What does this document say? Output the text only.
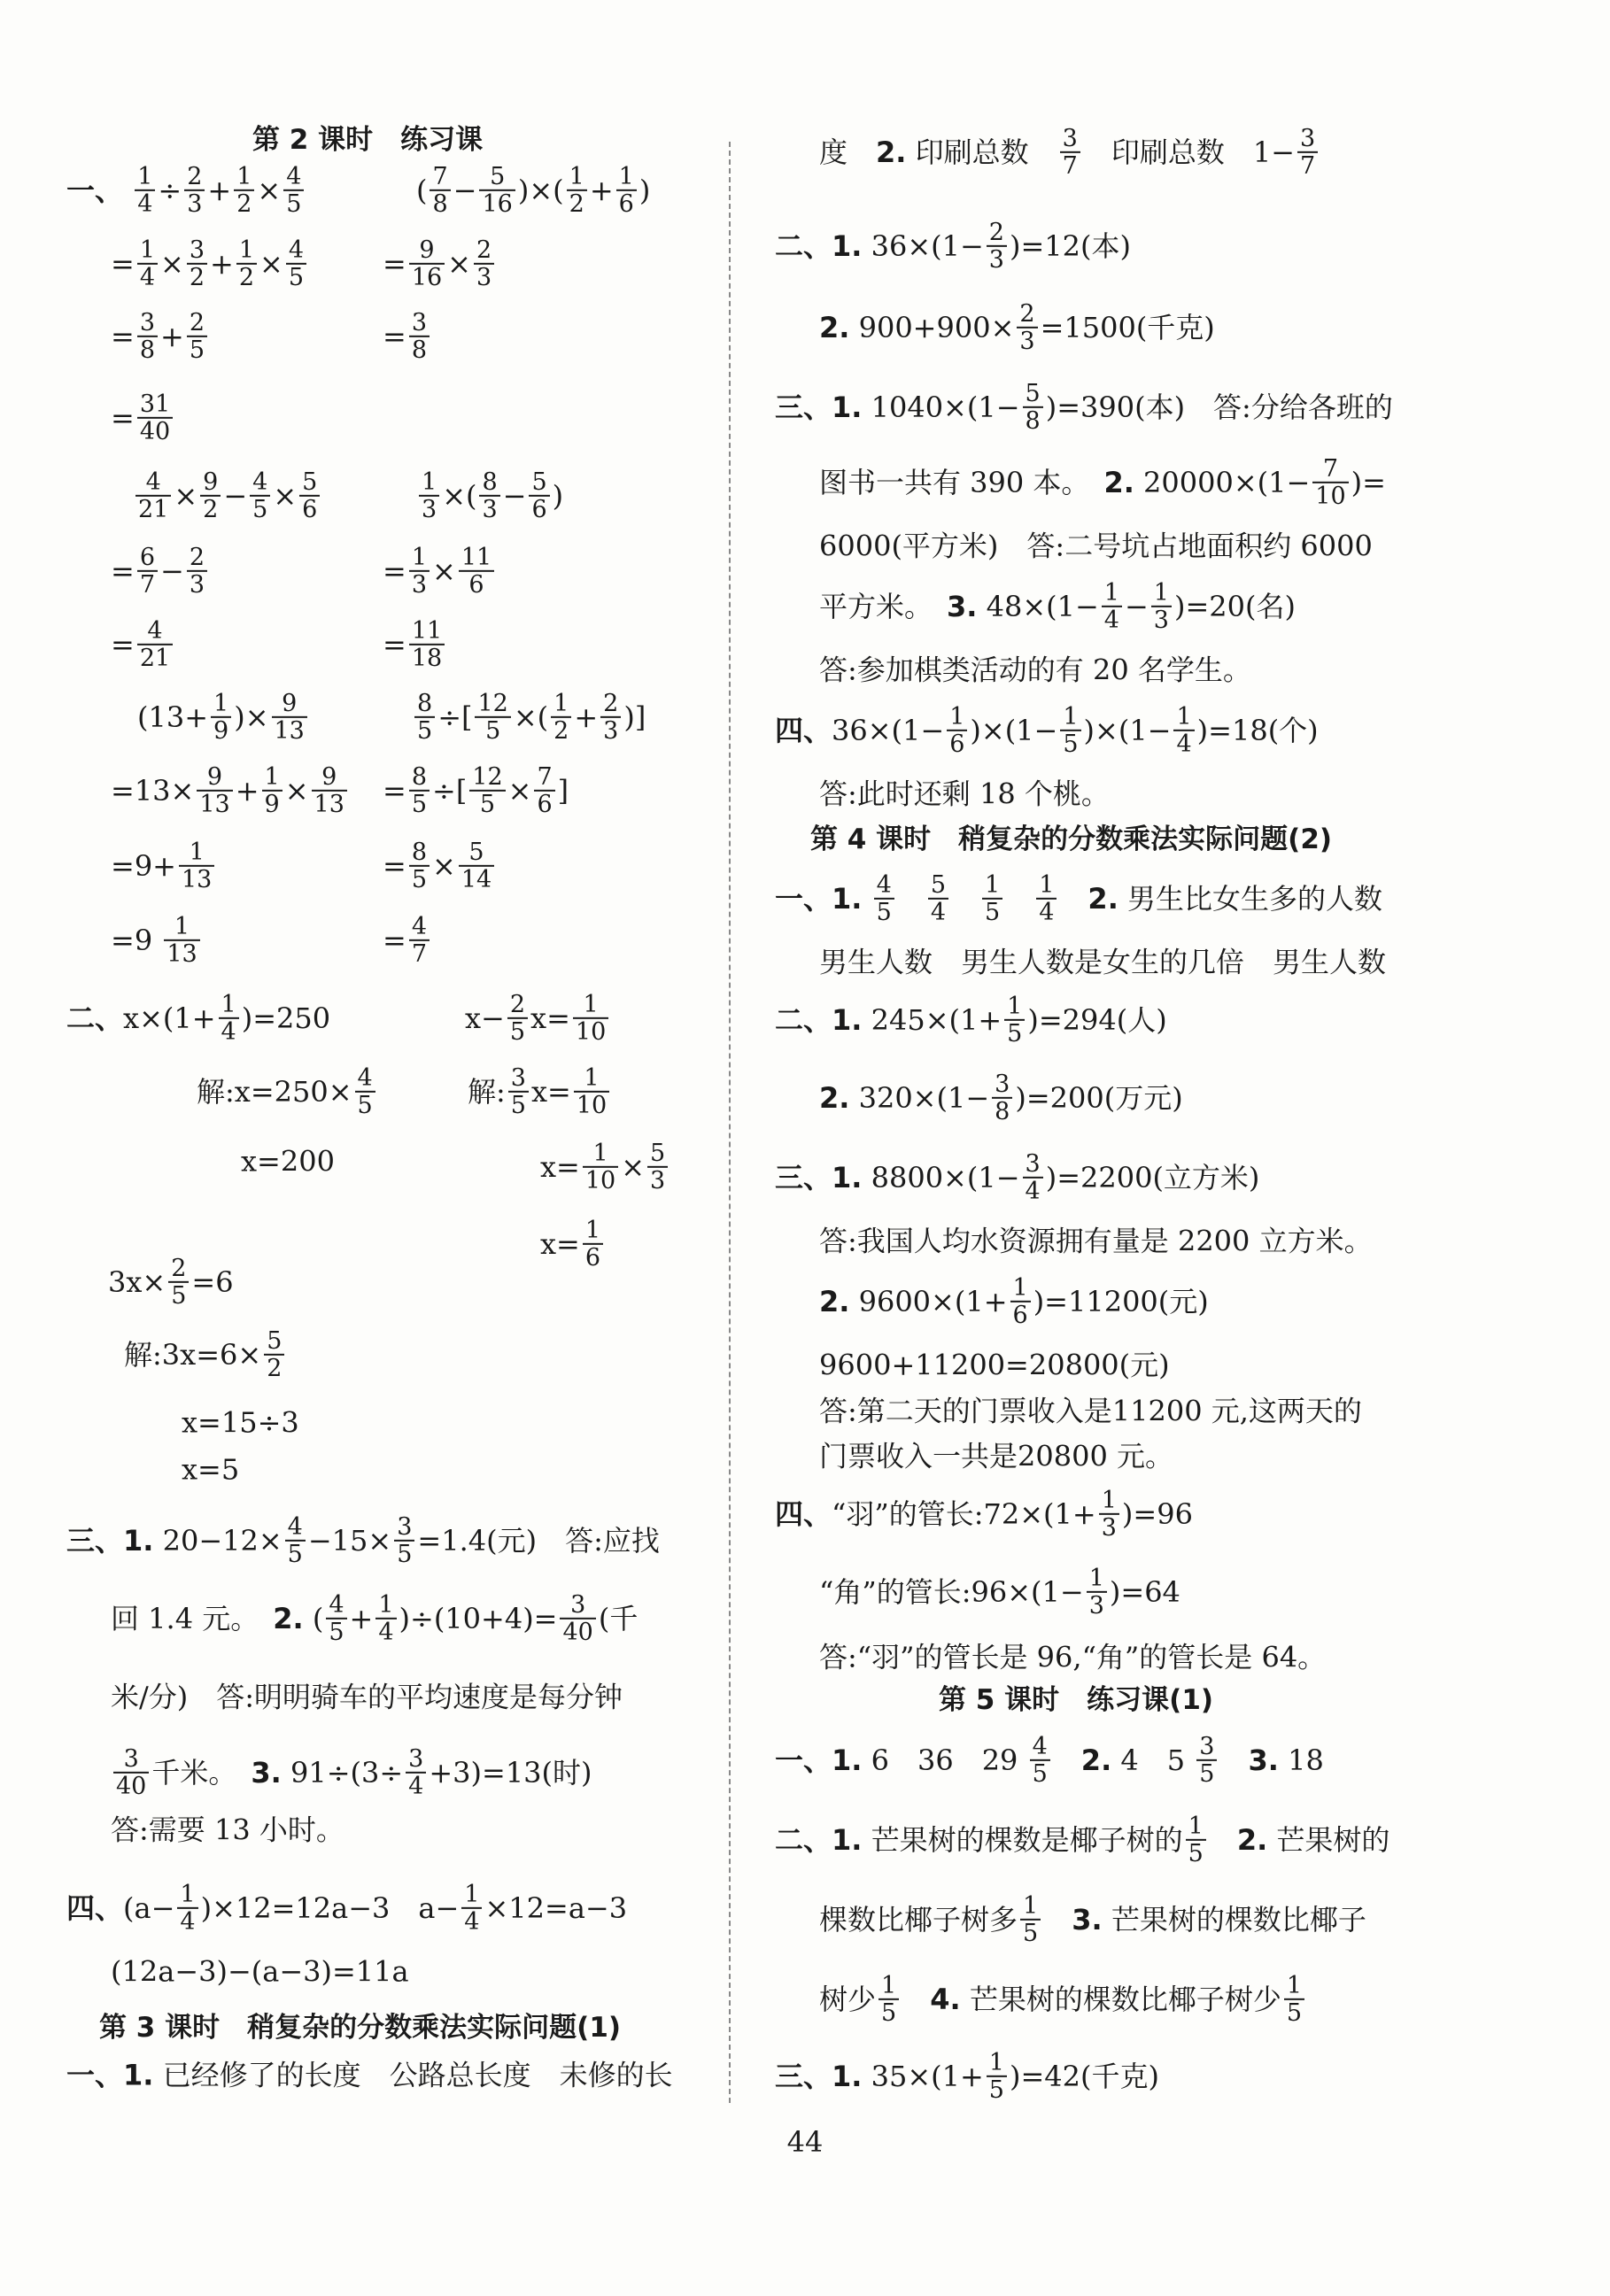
第 2 课时　练习课
一、 $\frac{1}{4} \div \frac{2}{3} + \frac{1}{2} \times \frac{4}{5}$	( $\frac{7}{8} - \frac{5}{16}$ )×( $\frac{1}{2} + \frac{1}{6}$ )
= $\frac{1}{4} \times \frac{3}{2} + \frac{1}{2} \times \frac{4}{5}$	= $\frac{9}{16} \times \frac{2}{3}$
= $\frac{3}{8} + \frac{2}{5}$	= $\frac{3}{8}$
= $\frac{31}{40}$
$\frac{4}{21} \times \frac{9}{2} - \frac{4}{5} \times \frac{5}{6}$	$\frac{1}{3}$ ×( $\frac{8}{3} - \frac{5}{6}$ )
= $\frac{6}{7} - \frac{2}{3}$	= $\frac{1}{3} \times \frac{11}{6}$
= $\frac{4}{21}$	= $\frac{11}{18}$
($13+ \frac{1}{9}$ )× $\frac{9}{13}$	$\frac{8}{5}$ ÷[ $\frac{12}{5}$ ×( $\frac{1}{2} + \frac{2}{3}$ )]
$=13\times \frac{9}{13} + \frac{1}{9} \times \frac{9}{13} = \frac{8}{5}$ ÷[ $\frac{12}{5} \times \frac{7}{6}$ ]
$=9+ \frac{1}{13}$	= $\frac{8}{5} \times \frac{5}{14}$
$=9 \frac{1}{13}$	= $\frac{4}{7}$
二、$x\times(1+ \frac{1}{4} )=250$	$x- \frac{2}{5} x= \frac{1}{10}$
解:x=250× $\frac{4}{5}$	解: $\frac{3}{5} x= \frac{1}{10}$
x=200	$x= \frac{1}{10} \times \frac{5}{3}$
$x= \frac{1}{6}$
$3x\times \frac{2}{5} =6$
解:3x=6× $\frac{5}{2}$
x=15÷3
x=5
三、1. $20-12\times \frac{4}{5} -15\times \frac{3}{5} =1.4$(元)　答:应找
回 1.4 元。　2. ( $\frac{4}{5} + \frac{1}{4} )\div(10+4)= \frac{3}{40}$ (千
米/分)　答:明明骑车的平均速度是每分钟
$\frac{3}{40}$ 千米。　3. $91\div(3\div \frac{3}{4} +3)=13$(时)
答:需要 13 小时。
四、$(a- \frac{1}{4} )\times 12=12a-3$　$a- \frac{1}{4} \times 12=a-3$
(12a−3)−(a−3)=11a
第 3 课时　稍复杂的分数乘法实际问题(1)
一、1. 已经修了的长度　公路总长度　未修的长
度　2. 印刷总数　 $\frac{3}{7}$ 　印刷总数　$1- \frac{3}{7}$
二、1. $36\times(1- \frac{2}{3} )=12$(本)
2. $900+900\times \frac{2}{3} =1500$(千克)
三、1. $1040\times(1- \frac{5}{8} )=390$(本)　答:分给各班的
图书一共有 390 本。　2. $20000\times(1- \frac{7}{10}$ )=
6000(平方米)　答:二号坑占地面积约 6000
平方米。　3. $48\times(1- \frac{1}{4} - \frac{1}{3} )=20$(名)
答:参加棋类活动的有 20 名学生。
四、$36\times(1- \frac{1}{6} )\times(1- \frac{1}{5} )\times(1- \frac{1}{4} )=18$(个)
答:此时还剩 18 个桃。
第 4 课时　稍复杂的分数乘法实际问题(2)
一、1. $\frac{4}{5}$
　 $\frac{5}{4}$
　 $\frac{1}{5}$
　 $\frac{1}{4}$
　 2. 男生比女生多的人数
男生人数　男生人数是女生的几倍　男生人数
二、1. $245\times(1+ \frac{1}{5} )=294$(人)
2. $320\times(1- \frac{3}{8} )=200$(万元)
三、1. $8800\times(1- \frac{3}{4} )=2200$(立方米)
答:我国人均水资源拥有量是 2200 立方米。
2. $9600\times(1+ \frac{1}{6} )=11200$(元)
9600+11200=20800(元)
答:第二天的门票收入是11200 元,这两天的
门票收入一共是20800 元。
四、“羽”的管长:72×(1+ $\frac{1}{3} )=96$
“角”的管长:96×(1− $\frac{1}{3} )=64$
答:“羽”的管长是 96,“角”的管长是 64。
第 5 课时　练习课(1)
一、1. 6　36　$29 \frac{4}{5}$
　 2. 4　$5 \frac{3}{5}$
　 3. 18
二、1. 芒果树的棵数是椰子树的 $\frac{1}{5}$
　 2. 芒果树的
棵数比椰子树多 $\frac{1}{5}$
　 3. 芒果树的棵数比椰子
树少 $\frac{1}{5}$
　 4. 芒果树的棵数比椰子树少 $\frac{1}{5}$
三、1. $35\times(1+ \frac{1}{5} )=42$(千克)
44
